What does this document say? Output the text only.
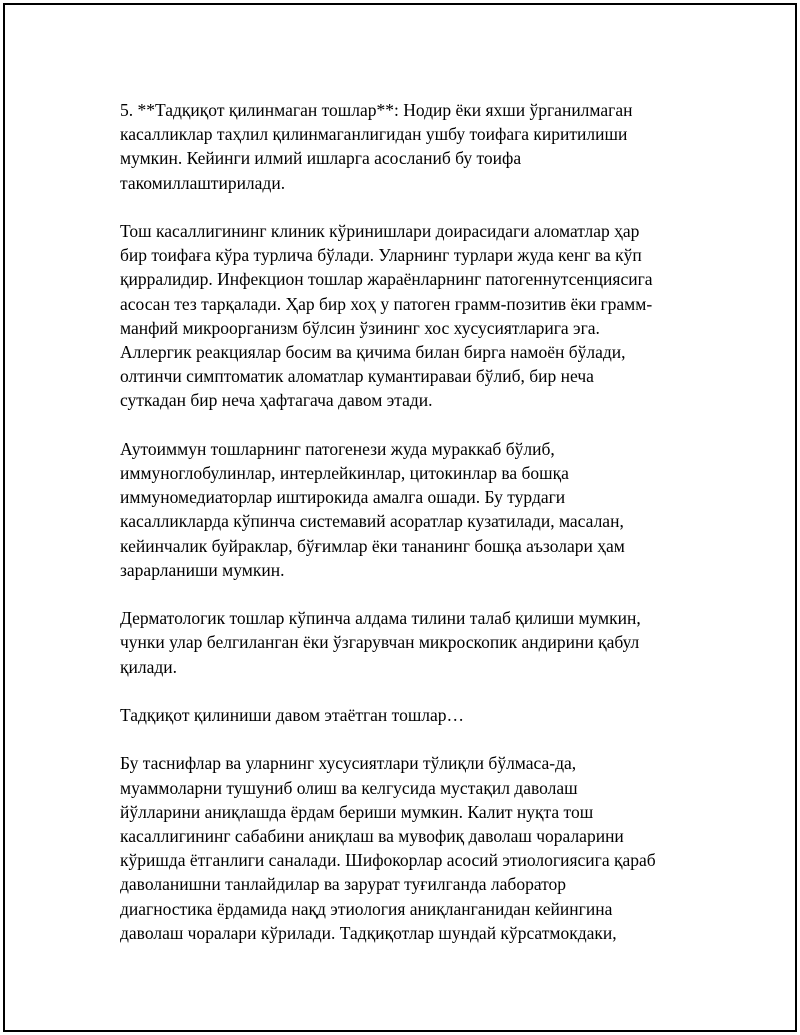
5. **Тадқиқот қилинмаган тошлар**: Нодир ёки яхши ўрганилмаган
касалликлар таҳлил қилинмаганлигидан ушбу тоифага киритилиши
мумкин. Кейинги илмий ишларга асосланиб бу тоифа
такомиллаштирилади.

Тош касаллигининг клиник кўринишлари доирасидаги аломатлар ҳар
бир тоифаға кўра турлича бўлади. Уларнинг турлари жуда кенг ва кўп
қирралидир. Инфекцион тошлар жараёнларнинг патогеннутсенциясига
асосан тез тарқалади. Ҳар бир хоҳ у патоген грамм-позитив ёки грамм-
манфий микроорганизм бўлсин ўзининг хос хусусиятларига эга.
Аллергик реакциялар босим ва қичима билан бирга намоён бўлади,
олтинчи симптоматик аломатлар кумантираваи бўлиб, бир неча
суткадан бир неча ҳафтагача давом этади.

Аутоиммун тошларнинг патогенези жуда мураккаб бўлиб,
иммуноглобулинлар, интерлейкинлар, цитокинлар ва бошқа
иммуномедиаторлар иштирокида амалга ошади. Бу турдаги
касалликларда кўпинча системавий асоратлар кузатилади, масалан,
кейинчалик буйраклар, бўғимлар ёки тананинг бошқа аъзолари ҳам
зарарланиши мумкин.

Дерматологик тошлар кўпинча алдама тилини талаб қилиши мумкин,
чунки улар белгиланган ёки ўзгарувчан микроскопик андирини қабул
қилади.

Тадқиқот қилиниши давом этаётган тошлар…

Бу таснифлар ва уларнинг хусусиятлари тўлиқли бўлмаса-да,
муаммоларни тушуниб олиш ва келгусида мустақил даволаш
йўлларини аниқлашда ёрдам бериши мумкин. Калит нуқта тош
касаллигининг сабабини аниқлаш ва мувофиқ даволаш чораларини
кўришда ётганлиги саналади. Шифокорлар асосий этиологиясига қараб
даволанишни танлайдилар ва зарурат туғилганда лаборатор
диагностика ёрдамида нақд этиология аниқланганидан кейингина
даволаш чоралари кўрилади. Тадқиқотлар шундай кўрсатмокдаки,
